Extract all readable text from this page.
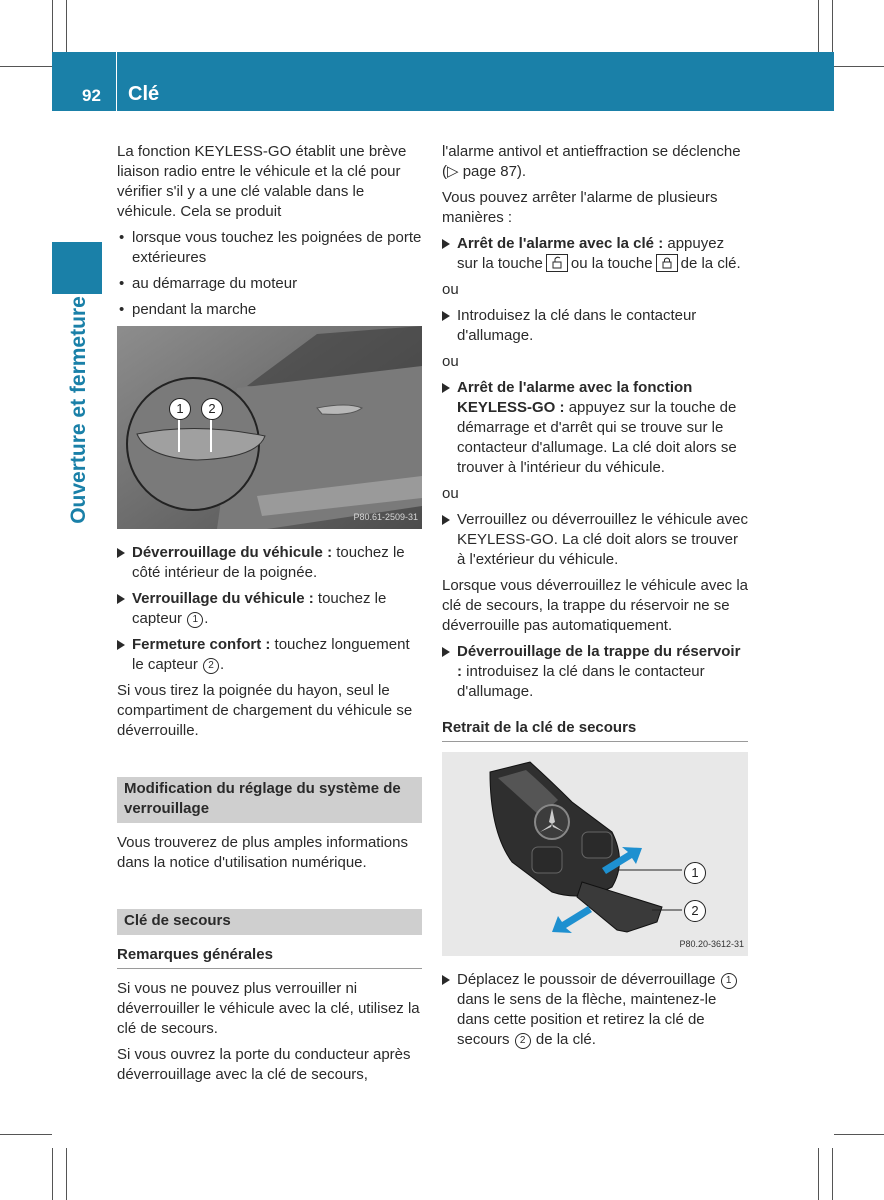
92 Clé
Ouverture et fermeture

La fonction KEYLESS-GO établit une brève liaison radio entre le véhicule et la clé pour vérifier s'il y a une clé valable dans le véhicule. Cela se produit

• lorsque vous touchez les poignées de porte extérieures
• au démarrage du moteur
• pendant la marche
1	2
P80.61-2509-31
Déverrouillage du véhicule : touchez le côté intérieur de la poignée.
Verrouillage du véhicule : touchez le capteur 1 .
Fermeture confort : touchez longuement le capteur 2 .

Si vous tirez la poignée du hayon, seul le compartiment de chargement du véhicule se déverrouille.

Modification du réglage du système de verrouillage

Vous trouverez de plus amples informations dans la notice d'utilisation numérique.

Clé de secours
Remarques générales

Si vous ne pouvez plus verrouiller ni déverrouiller le véhicule avec la clé, utilisez la clé de secours.

Si vous ouvrez la porte du conducteur après déverrouillage avec la clé de secours,

l'alarme antivol et antieffraction se déclenche (▷ page 87).

Vous pouvez arrêter l'alarme de plusieurs manières :

Arrêt de l'alarme avec la clé : appuyez sur la touche ou la touche de la clé.

ou

Introduisez la clé dans le contacteur d'allumage.

ou

Arrêt de l'alarme avec la fonction KEYLESS-GO : appuyez sur la touche de démarrage et d'arrêt qui se trouve sur le contacteur d'allumage. La clé doit alors se trouver à l'intérieur du véhicule.

ou

Verrouillez ou déverrouillez le véhicule avec KEYLESS-GO. La clé doit alors se trouver à l'extérieur du véhicule.

Lorsque vous déverrouillez le véhicule avec la clé de secours, la trappe du réservoir ne se déverrouille pas automatiquement.

Déverrouillage de la trappe du réservoir : introduisez la clé dans le contacteur d'allumage.
Retrait de la clé de secours
1
2
P80.20-3612-31
Déplacez le poussoir de déverrouillage 1 dans le sens de la flèche, maintenez-le dans cette position et retirez la clé de secours 2 de la clé.
